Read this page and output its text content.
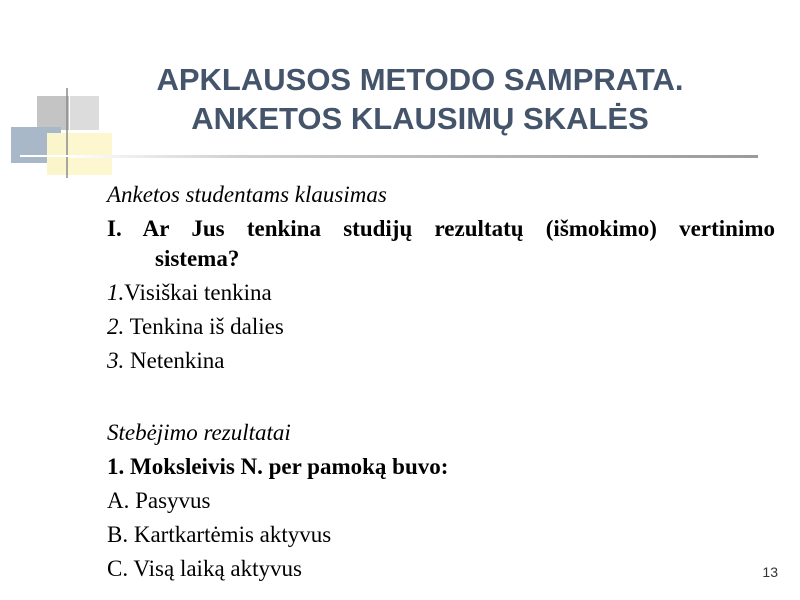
APKLAUSOS METODO SAMPRATA.
ANKETOS KLAUSIMŲ SKALĖS
Anketos studentams klausimas
I. Ar Jus tenkina studijų rezultatų (išmokimo) vertinimo
sistema?
1.Visiškai tenkina
2. Tenkina iš dalies
3. Netenkina
Stebėjimo rezultatai
1. Moksleivis N. per pamoką buvo:
A. Pasyvus
B. Kartkartėmis aktyvus
C. Visą laiką aktyvus	13
